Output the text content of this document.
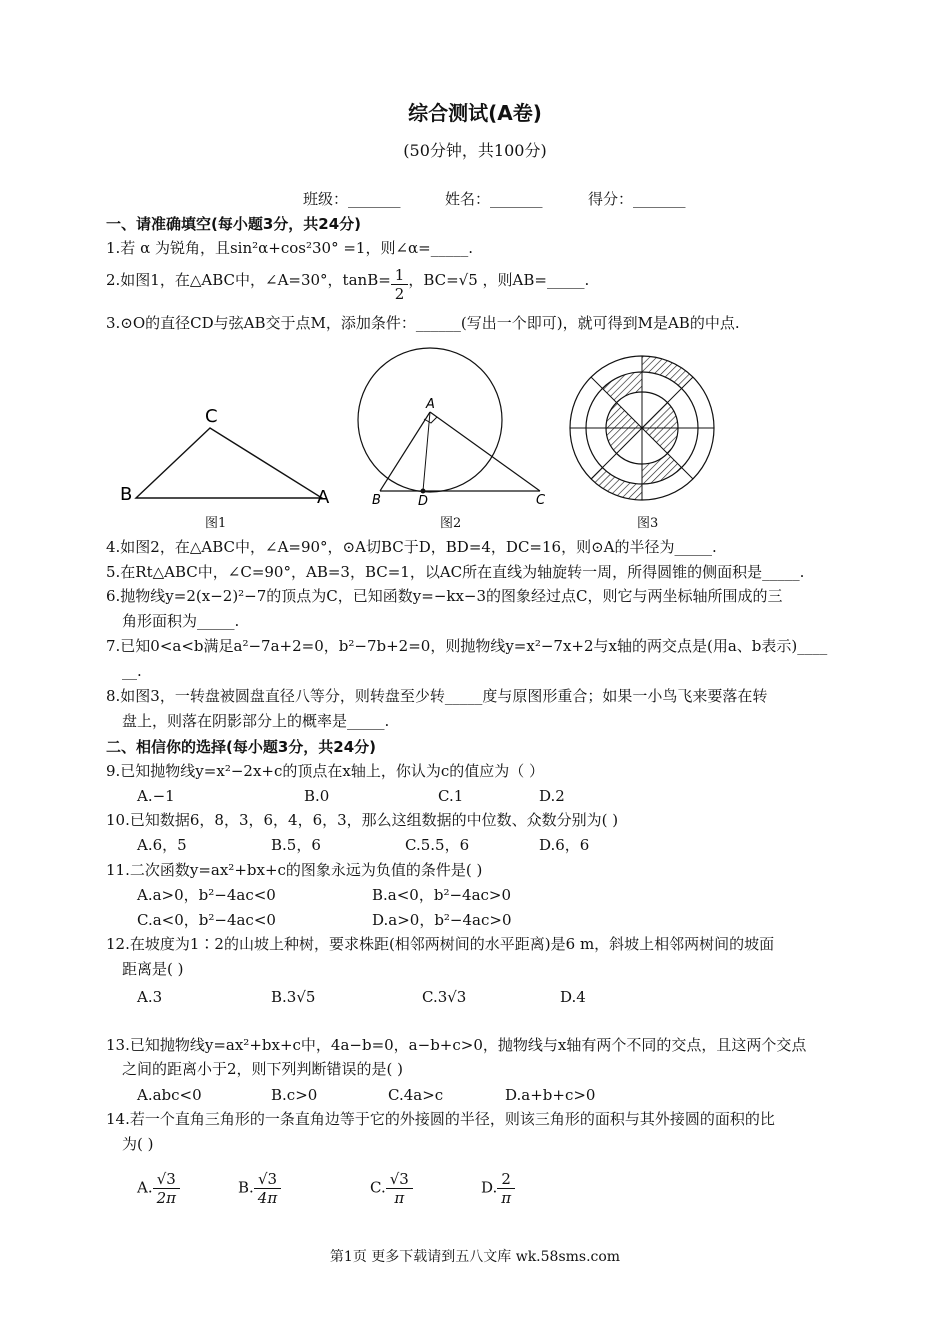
综合测试(A卷)
(50分钟，共100分)
班级：_______	姓名：_______	得分：_______
一、请准确填空(每小题3分，共24分)
1.若 α 为锐角，且sin²α+cos²30° =1，则∠α=_____.
2.如图1，在△ABC中，∠A=30°，$\tan B= \frac{1}{2}$ ，BC=√5 ，则AB=_____.
3.⊙O的直径CD与弦AB交于点M，添加条件：______(写出一个即可)，就可得到M是AB的中点.
B
C
A
A
B	D	C
图1	图2	图3
4.如图2，在△ABC中，∠A=90°，⊙A切BC于D，BD=4，DC=16，则⊙A的半径为_____.
5.在Rt△ABC中，∠C=90°，AB=3，BC=1，以AC所在直线为轴旋转一周，所得圆锥的侧面积是_____.
6.抛物线y=2(x−2)²−7的顶点为C，已知函数y=−kx−3的图象经过点C，则它与两坐标轴所围成的三
角形面积为_____.
7.已知0<a<b满足a²−7a+2=0，b²−7b+2=0，则抛物线y=x²−7x+2与x轴的两交点是(用a、b表示)____
__.
8.如图3，一转盘被圆盘直径八等分，则转盘至少转_____度与原图形重合；如果一小鸟飞来要落在转
盘上，则落在阴影部分上的概率是_____.
二、相信你的选择(每小题3分，共24分)
9.已知抛物线y=x²−2x+c的顶点在x轴上，你认为c的值应为（ ）
A.−1	B.0	C.1	D.2
10.已知数据6，8，3，6，4，6，3，那么这组数据的中位数、众数分别为( )
A.6，5	B.5，6	C.5.5，6	D.6，6
11.二次函数y=ax²+bx+c的图象永远为负值的条件是( )
A.a>0，b²−4ac<0	B.a<0，b²−4ac>0
C.a<0，b²−4ac<0	D.a>0，b²−4ac>0
12.在坡度为1∶2的山坡上种树，要求株距(相邻两树间的水平距离)是6 m，斜坡上相邻两树间的坡面
距离是( )
A.3	B.3√5	C.3√3	D.4
13.已知抛物线y=ax²+bx+c中，4a−b=0，a−b+c>0，抛物线与x轴有两个不同的交点，且这两个交点
之间的距离小于2，则下列判断错误的是( )
A.abc<0	B.c>0	C.4a>c	D.a+b+c>0
14.若一个直角三角形的一条直角边等于它的外接圆的半径，则该三角形的面积与其外接圆的面积的比
为( )
A. $\frac{√3}{2\pi}$	B. $\frac{√3}{4\pi}$	C. $\frac{√3}{\pi}$	D. $\frac{2}{\pi}$
第1页 更多下载请到五八文库 wk.58sms.com
